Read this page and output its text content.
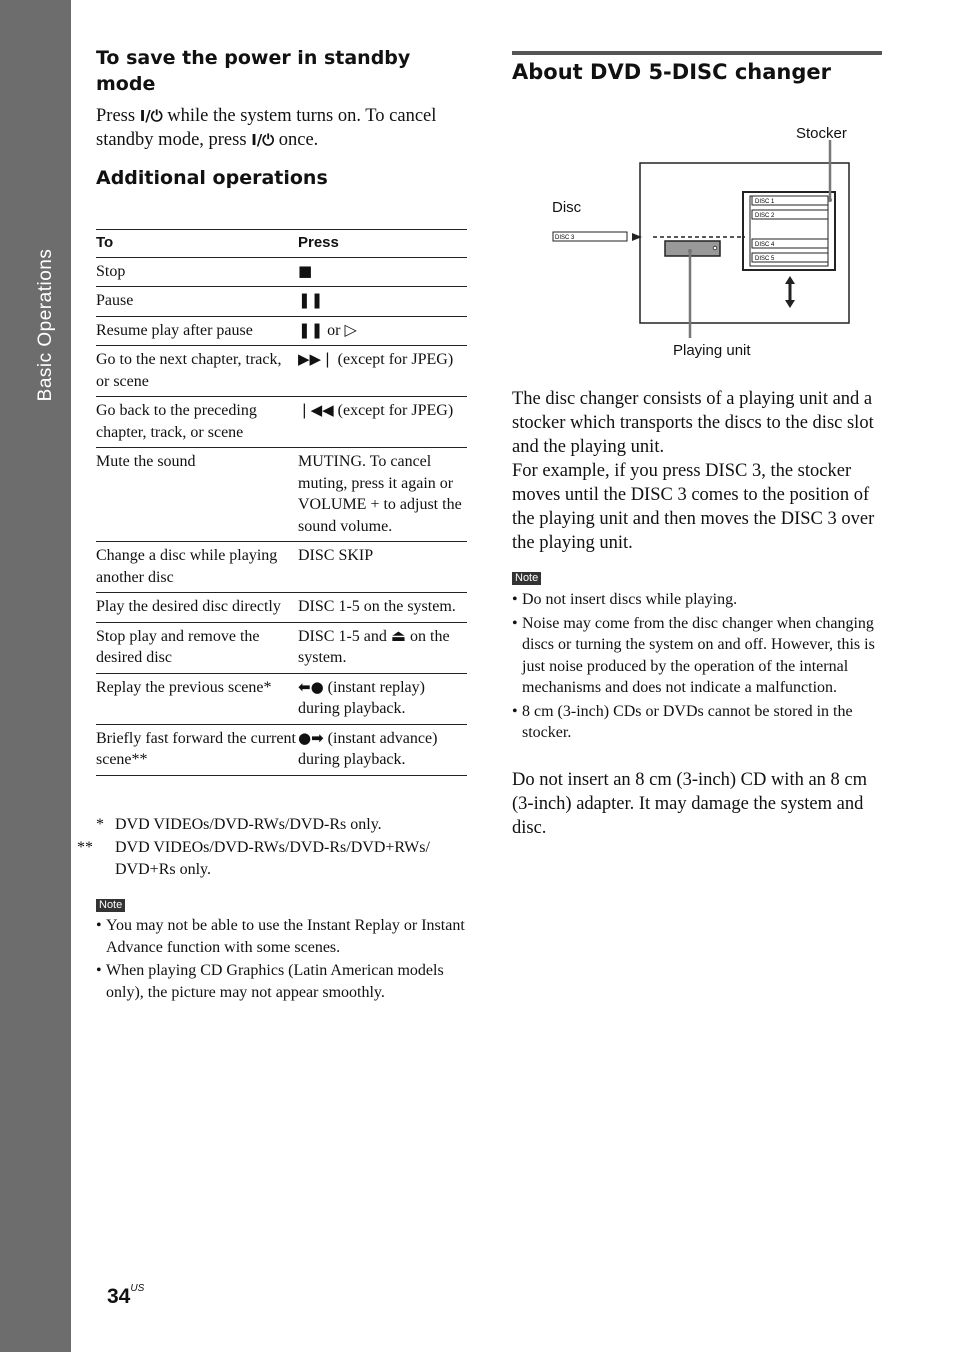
Basic Operations
To save the power in standby mode
Press I/⏻ while the system turns on. To cancel standby mode, press I/⏻ once.
Additional operations
To	Press
Stop	■
Pause	❚❚
Resume play after pause	❚❚ or ▷
Go to the next chapter, track, or scene	▶▶❘ (except for JPEG)
Go back to the preceding chapter, track, or scene	❘◀◀ (except for JPEG)
Mute the sound	MUTING. To cancel muting, press it again or VOLUME + to adjust the sound volume.
Change a disc while playing another disc	DISC SKIP
Play the desired disc directly	DISC 1-5 on the system.
Stop play and remove the desired disc	DISC 1-5 and ⏏ on the system.
Replay the previous scene*	⬅● (instant replay) during playback.
Briefly fast forward the current scene**	●➡ (instant advance) during playback.
* DVD VIDEOs/DVD-RWs/DVD-Rs only.
** DVD VIDEOs/DVD-RWs/DVD-Rs/DVD+RWs/ DVD+Rs only.
Note
• You may not be able to use the Instant Replay or Instant Advance function with some scenes.
• When playing CD Graphics (Latin American models only), the picture may not appear smoothly.
About DVD 5-DISC changer
DISC 1
DISC 2
DISC 4
DISC 5
DISC 3
Stocker
Disc
Playing unit
The disc changer consists of a playing unit and a stocker which transports the discs to the disc slot and the playing unit.
For example, if you press DISC 3, the stocker moves until the DISC 3 comes to the position of the playing unit and then moves the DISC 3 over the playing unit.
Note
• Do not insert discs while playing.
• Noise may come from the disc changer when changing discs or turning the system on and off. However, this is just noise produced by the operation of the internal mechanisms and does not indicate a malfunction.
• 8 cm (3-inch) CDs or DVDs cannot be stored in the stocker.
Do not insert an 8 cm (3-inch) CD with an 8 cm (3-inch) adapter. It may damage the system and disc.
$34^{US}$
